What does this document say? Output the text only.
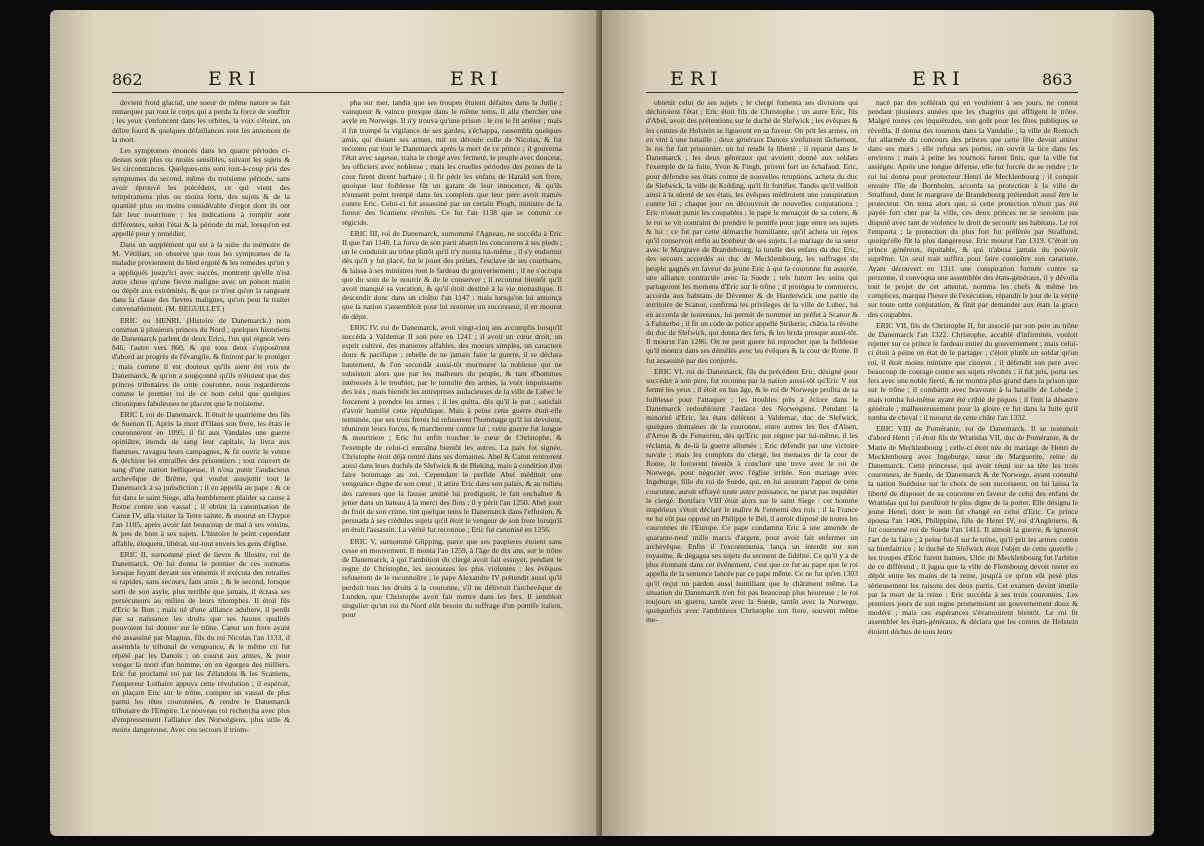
862	ERI	ERI

devient froid glacial, une sueur de même nature se fait remarquer par tout le corps qui a perdu la force de souffrir ; les yeux s'enfoncent dans les orbites, la voix s'éteint, un délire fourd & quelques défaillances sont les annonces de la mort.

Les symptomes énoncés dans les quatre périodes ci-dessus sont plus ou moins sensibles, suivant les sujets & les circonstances. Quelques-uns sont tout-à-coup pris des symptomes du second, même du troisieme période, sans avoir éprouvé les précédens, ce qui vient des tempéramens plus ou moins forts, des sujets & de la quantité plus ou moins considérable d'ergot dont ils ont fait leur nourriture : les indications à remplir sont différentes, selon l'état & la période du mal, lorsqu'on est appellé pour y remédier.

Dans un supplément qui est à la suite du mémoire de M. Vétillart, on observe que tous les symptomes de la maladie proviennent du bled ergoté & les remedes qu'on y a appliqués jusqu'ici avec succès, montrent qu'elle n'est autre chose qu'une fievre maligne avec un poison malin ou dépôt aux extrémités, & que ce n'est qu'en la rangeant dans la classe des fievres malignes, qu'on peut la traiter convenablement. (M. BEGUILLET.)

ERIC ou HENRI, (Histoire de Danemarck.) nom commun à plusieurs princes du Nord ; quelques historiens de Danemarck parlent de deux Erics, l'un qui régnoit vers 846, l'autre vers 860, & qui tous deux s'opposèrent d'abord au progrès de l'évangile, & finirent par le protéger ; mais comme il est douteux qu'ils aient été rois de Danemarck, & qu'on a soupçonné qu'ils n'étoient que des princes tributaires de cette couronne, nous regarderons comme le premier roi de ce nom celui que quelques chroniques fabuleuses ne placent que le troisieme.

ERIC I, roi de Danemarck. Il étoit le quatrieme des fils de Suenon II. Après la mort d'Olaus son frere, les états le couronnerent en 1095, il fit aux Vandales une guerre opiniâtre, inonda de sang leur capitale, la livra aux flammes, ravagea leurs campagnes, & fit ouvrir le ventre & déchirer les entrailles des prisonniers ; tout couvert de sang d'une nation belliqueuse, il n'osa punir l'audacieux archevêque de Brême, qui voulut assujettir tout le Danemarck à sa jurisdiction ; il en appella au pape : & ce fut dans le saint Siege, alla humblement plaider sa cause à Rome contre son vassal ; il obtint la canonisation de Canut IV, alla visiter la Terre sainte, & mourut en Chypre l'an 1105, après avoir fait beaucoup de mal à ses voisins, & peu de bien à ses sujets. L'histoire le peint cependant affable, éloquent, libéral, sur-tout envers les gens d'église.

ERIC II, surnommé pied de lievre & Illustre, roi de Danemarck. On lui donna le premier de ces surnoms lorsque fuyant devant ses ennemis il exécuta des retraites si rapides, sans secours, fans amis ; & le second, lorsque sorti de son asyle, plus terrible que jamais, il écrasa ses persécuteurs au milieu de leurs triomphes. Il étoit fils d'Eric le Bon ; mais né d'une alliance adultere, il perdit par sa naissance les droits que ses hautes qualités pouvoient lui donner sur le trône. Canut son frere ayant été assassiné par Magnus, fils du roi Nicolas l'an 1133, il assembla le tribunal de vengeance, & le même cri fut répété par les Danois ; on courut aux armes, & pour venger la mort d'un homme, on en égorgea des milliers. Eric fut proclamé roi par les Zélandois & les Scaniens, l'empereur Lothaire appuya cette révolution ; il espéroit, en plaçant Eric sur le trône, compter un vassal de plus parmi les têtes couronnées, & rendre le Danemarck tributaire de l'Empire. Le nouveau roi rechercha avec plus d'empressement l'alliance des Norwégiens, plus utile & moins dangereuse. Avec ces secours il triom-

pha sur mer, tandis que ses troupes étoient défaites dans la Jutlie ; vainqueur & vaincu presque dans le même tems, il alla chercher une asyle en Norwege. Il n'y trouva qu'une prison : le roi le fit arrêter ; mais il fut trompé la vigilance de ses gardes, s'échappa, rassembla quelques amis, qui étoient ses armes, mit en déroute celle de Nicolas, & fut reconnu par tout le Danemarck après la mort de ce prince ; il gouverna l'état avec sagesse, traita le clergé avec fermeté, le peuple avec douceur, les officiers avec noblesse ; mais les cruelles périodes des peines de la cour firent dirent barbare ; il fit périr les enfans de Harald son frere, quoique leur foiblesse fût un garant de leur innocence, & qu'ils n'eussent point trempé dans les complots que leur pere avoit tramés contre Eric. Celui-ci fut assassiné par un certain Plogh, ministre de la fureur des Scaniens révoltés. Ce fut l'an 1138 que se commit ce régicide.

ERIC III, roi de Danemarck, surnommé l'Agneau, ne succéda à Eric II que l'an 1140. La force de son parti abattit les concurrens à ses pieds ; on le conduisit au trône plutôt qu'il n'y monta lui-même ; il s'y endormit dès qu'il y fut placé, fut le jouet des prélats, l'esclave de ses courtisans, & laissa à ses ministres tout le fardeau du gouvernement ; il ne s'occupa que du soin de le nourrir & de le conserver ; il reconnut bientôt qu'il avoit manqué sa vocation, & qu'il étoit destiné à la vie monastique. Il descendit donc dans un cloître l'an 1147 : mais lorsqu'on lui annonça que la nation s'assembloit pour lui nommer un successeur, il en mourut de dépit.

ERIC IV, roi de Danemarck, avoit vingt-cinq ans accomplis lorsqu'il succéda à Valdemar II son pere en 1241 ; il avoit un cœur droit, un esprit cultivé, des manieres affables, des moeurs simples, un caractere doux & pacifique ; rebelle de ne jamais faire la guerre, il se déclara hautement, & l'on secondât aussi-tôt murmurer la noblesse qui ne subsistoit alors que par les malheurs du peuple, & tant d'hommes intéressés à le troubler, par le tumulte des armes, la voix impuissante des loix ; mais bientôt les entreprises audacieuses de la ville de Lubec le forcerent à prendre les armes ; il les quitta, dès qu'il le put ; satisfait d'avoir humilié cette république. Mais à peine cette guerre étoit-elle terminée, que ses trois freres lui refuserent l'hommage qu'il lui devoient, réunirent leurs forces, & marcherent contre lui ; cette guerre fut longue & meurtriere ; Eric fut enfin toucher le cœur de Christophe, & l'exemple de celui-ci entraîna bientôt les autres. La paix fut signée, Christophe étoit déjà rentré dans ses domaines. Abel & Canut rentrerent aussi dans leurs duchés de Slefwick & de Bleking, mais à condition d'en faire hommage au roi. Cependant le perfide Abel méditoit une vengeance digne de son cœur ; il attire Eric dans son palais, & au milieu des caresses que la fausse amitié lui prodiguoit, le fait enchaîner & jetter dans un bateau à la merci des flots ; il y périt l'an 1250. Abel jouit du fruit de son crime, tint quelque tems le Danemarck dans l'effusion, & persuada à ses crédules sujets qu'il étoit le vengeur de son frere lorsqu'il en étoit l'assassin. La vérité fut reconnue ; Eric fut canonisé en 1256.

ERIC V, surnommé Glipping, parce que ses paupieres étoient sans cesse en mouvement. Il monta l'an 1259, à l'âge de dix ans, sur le trône de Danemarck, à qui l'ambition du clergé avoit fait essuyer, pendant le regne de Christophe, les secousses les plus violentes ; les évêques refuserent de le reconnoître ; le pape Alexandre IV prétendit aussi qu'il perdoit tous les droits à la couronne, s'il ne délivroit l'archevêque de Lunden, que Christophe avoit fait mettre dans les fers. Il sembloit singulier qu'un roi du Nord elût besoin du suffrage d'un pontife italien, pour

ERI	ERI	863

obtenir celui de ses sujets ; le clergé fomenta ses divisions qui déchiroient l'état ; Eric étoit fils de Christophe ; un autre Eric, fils d'Abel, avoit des prétentions sur le duché de Slefwick ; les évêques & les comtes de Holstein se liguerent en sa faveur. On prit les armes, on en vint à une bataille ; deux généraux Danois s'enfuirent lâchement, le roi fut fait prisonnier, on lui rendit la liberté ; il reparut dans le Danemarck ; les deux généraux qui avoient donné aux soldats l'exemple de la fuite, Yvon & Fingh, prirent fort un échafaud. Eric, pour défendre ses états contre de nouvelles irruptions, acheta du duc de Slefwick, la ville de Kolding, qu'il fit fortifier. Tandis qu'il veilloit ainsi à la sûreté de ses états, les évêques méditoient une conspiration contre lui ; chaque jour on découvroit de nouvelles conjurations ; Eric n'osoit punir les coupables ; le pape le menaçoit de sa colere, & le roi se vit contraint de prendre le pontife pour juge entre ses sujets & lui ; ce fut par cette démarche humiliante, qu'il acheta un repos qu'il conservoit enfin au bonheur de ses sujets. Le mariage de sa sœur avec le Margrave de Brandebourg, la tutelle des enfans du duc Eric, des secours accordés au duc de Mecklembourg, les suffrages du peuple gagnés en faveur du jeune Eric à qui la couronne fut assurée, une alliance contractée avec la Suede ; tels furent les soins qui partagerent les momens d'Eric sur le trône ; il protégea le commerce, accorda aux habitans de Déventer & de Harderwick une partie du territoire de Scanor, confirma les privileges de la ville de Lubec, lui en accorda de nouveaux, lui permit de nommer un préfet à Scanor & à Falsterbo ; il fit un code de police appellé Strikerie, châtia la révolte du duc de Slefwick, qui donna des fers, & les brida presque aussi-tôt. Il mourut l'an 1286. On ne peut guere lui reprocher que la foiblesse qu'il montra dans ses démêlés avec les évêques & la cour de Rome. Il fut assassiné par des conjurés.

ERIC VI, roi de Danemarck, fils du précédent Eric, désigné pour succéder à son pere, fut reconnu par la nation aussi-tôt qu'Eric V eut fermé les yeux ; il étoit en bas âge, & le roi de Norwege profita de sa foiblesse pour l'attaquer ; les troubles près à éclore dans le Danemarck redoubloient l'audace des Norwégiens. Pendant la minorité d'Eric, les états déférent à Valdemar, duc de Slefwick, quelques domaines de la couronne, entre autres les îles d'Alsen, d'Arroe & de Femerren, dès qu'Eric put régner par lui-même, il les réclama, & de-là la guerre allumée ; Eric défendit par une victoire navale ; mais les complots du clergé, les menaces de la cour de Rome, le forcerent bientôt à conclure une treve avec le roi de Norwege, pour négocier avec l'église irritée. Son mariage avec Ingeburge, fille du roi de Suede, qui, en lui assurant l'appui de cette couronne, auroit effrayé toute autre puissance, ne parut pas inquiéter le clergé. Boniface VIII étoit alors sur le saint Siege : cet homme impérieux s'étoit déclaré le maître & l'ennemi des rois ; il la France ne lui eût pas opposé un Philippe le Bel, il auroit disposé de toutes les couronnes de l'Europe. Ce pape condamna Eric à une amende de quarante-neuf mille marcs d'argent, pour avoir fait enfermer un archevêque. Enfin il l'excommunia, lança un interdit sur son royaume, & dégagea ses sujets du serment de fidélité. Ce qu'il y a de plus étonnant dans cet événement, c'est que ce fut au pape que le roi appella de la sentence lancée par ce pape même. Ce ne fut qu'en 1303 qu'il reçut un pardon aussi humiliant que le châtiment même. La situation du Danemarck n'en fut pas beaucoup plus heureuse ; le roi toujours en guerre, tantôt avec la Suede, tantôt avec la Norwege, quelquefois avec l'ambitieux Christophe son frere, souvent même me-

nacé par des scélérats qui en vouloient à ses jours, ne connut pendant plusieurs années que les chagrins qui affligent le trône. Malgré toutes ces inquiétudes, son goût pour les fêtes publiques se réveilla. Il donna des tournois dans la Vandalie ; la ville de Rostoch fut allarmée du concours des princes que cette fête devoit attirer dans ses murs ; elle refusa ses portes, on ouvrit la lice dans les environs ; mais à peine les tournois furent finis, que la ville fut assiégée. Après une longue défense, elle fut forcée de se rendre ; le roi lui donna pour protecteur Henri de Mecklenbourg ; il conquit ensuite l'île de Bornholm, accorda sa protection à la ville de Stralfund, dont le margrave de Brandebourg prétendoit aussi être le protecteur. On tenta alors que, si cette protection n'étoit pas été payée fort cher par la ville, ces deux princes ne se seroient pas disputé avec tant de violence le droit de secourir ses habitans. Le roi l'emporta ; la protection du plus fort fut préférée par Stralfund, quoiqu'elle fût la plus dangereuse. Eric mourut l'an 1319. C'étoit un prince généreux, équitable, & qui n'abusa jamais du pouvoir suprême. Un seul trait suffira pour faire connoître son caractere. Ayant découvert en 1311 une conspiration formée contre sa personne, il convoqua une assemblée des états-généraux, il y dévoila tout le projet de cet attentat, nomma les chefs & même les complices, marqua l'heure de l'exécution, répandit le jour de la vérité sur toute cette conjuration, & finit par demander aux états la grace des coupables.

ERIC VII, fils de Christophe II, fut associé par son pere au trône de Danemarck l'an 1322. Christophe, accablé d'infirmités, vouloit rejetter sur ce prince le fardeau entier du gouvernement ; mais celui-ci étoit à peine en état de le partager ; c'étoit plutôt un soldat qu'un roi, il étoit moins ministre que citoyen ; il défendit son pere avec beaucoup de courage contre ses sujets révoltés ; il fut pris, porta ses fers avec une noble fierté, & ne montra plus grand dans la prison que sur le trône ; il combattit avec bravoure à la bataille de Lohede ; mais tomba lui-même ayant été criblé de piques ; il finit la désastre générale ; malheureusement pour la gloire ce fut dans la fuite qu'il tomba de cheval : il mourut de cette chûte l'an 1332.

ERIC VIII de Poméranie, roi de Danemarck. Il se nommoit d'abord Henri ; il étoit fils de Wratislas VII, duc de Poméranie, & de Marie de Mecklenbourg ; celle-ci étoit née du mariage de Henri de Mecklenbourg avec Ingeburge, sœur de Marguerite, reine de Danemarck. Cette princesse, qui avoit réuni sur sa tête les trois couronnes, de Suede, de Danemarck & de Norwege, ayant consulté la nation Suédoise sur le choix de son successeur, on lui laissa la liberté de disposer de sa couronne en faveur de celui des enfans de Wratislas qui lui paroîtroit le plus digne de la porter. Elle désigna le jeune Henri, dont le nom fut changé en celui d'Eric. Ce prince épousa l'an 1406, Philippine, fille de Henri IV, roi d'Angleterre, & fut couronné roi de Suede l'an 1411. Il aimoit la guerre, & ignoroit l'art de la faire ; à peine fut-il sur le trône, qu'il prit les armes contre sa bienfaitrice ; le duché de Slefwick étoit l'objet de cette querelle ; les troupes d'Eric furent battues, Ulric de Mecklenbourg fut l'arbitre de ce différend ; il jugea que la ville de Flensbourg devoit rester en dépôt entre les mains de la reine, jusqu'à ce qu'on eût pesé plus sérieusement les raisons des deux partis. Cet examen devint inutile par la mort de la reine : Eric succéda à ses trois couronnes. Les premiers jours de son regne promettoient un gouvernement doux & modéré ; mais ces espérances s'évanouirent bientôt. Le roi fit assembler les états-généraux, & déclara que les comtes de Holstein étoient déchus de tous leurs
